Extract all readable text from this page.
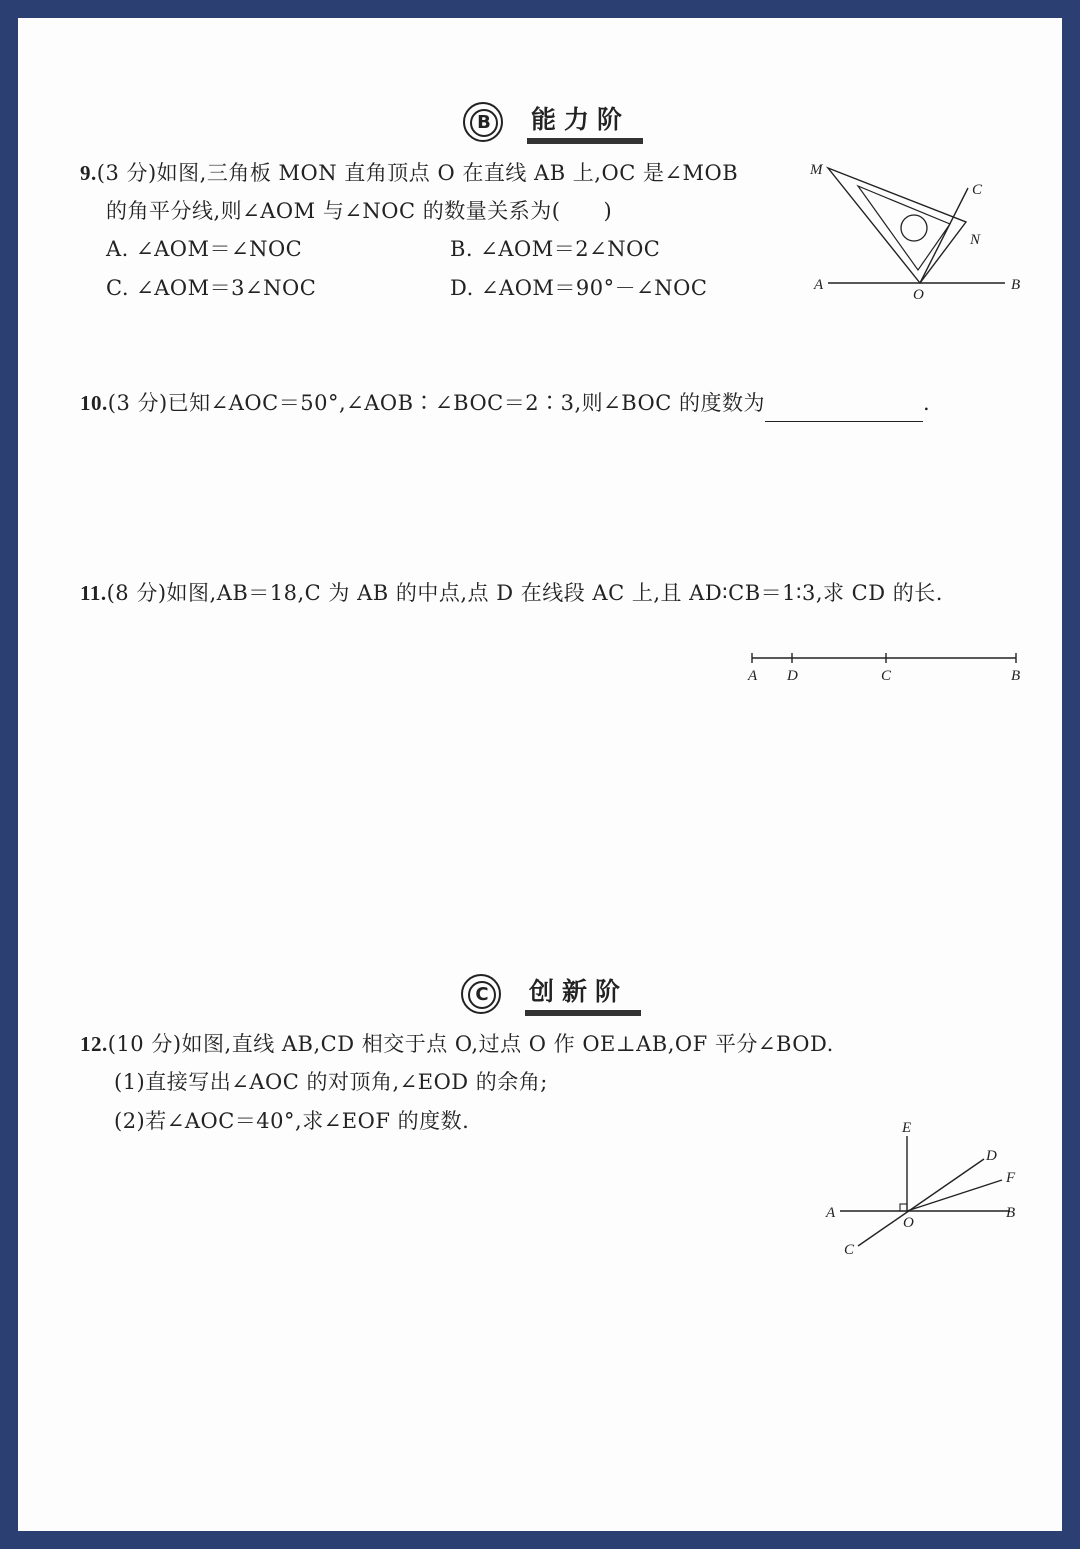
B 能力阶
9.(3 分)如图,三角板 MON 直角顶点 O 在直线 AB 上,OC 是∠MOB
的角平分线,则∠AOM 与∠NOC 的数量关系为(　　)
A. ∠AOM＝∠NOC	B. ∠AOM＝2∠NOC
C. ∠AOM＝3∠NOC	D. ∠AOM＝90°－∠NOC
M
C
N
A
O
B
10.(3 分)已知∠AOC＝50°,∠AOB∶∠BOC＝2∶3,则∠BOC 的度数为	.
11.(8 分)如图,AB＝18,C 为 AB 的中点,点 D 在线段 AC 上,且 AD∶CB＝1∶3,求 CD 的长.
A D	C	B
C 创新阶
12.(10 分)如图,直线 AB,CD 相交于点 O,过点 O 作 OE⊥AB,OF 平分∠BOD.
(1)直接写出∠AOC 的对顶角,∠EOD 的余角;
(2)若∠AOC＝40°,求∠EOF 的度数.	E
D
F
A
O
B
C
